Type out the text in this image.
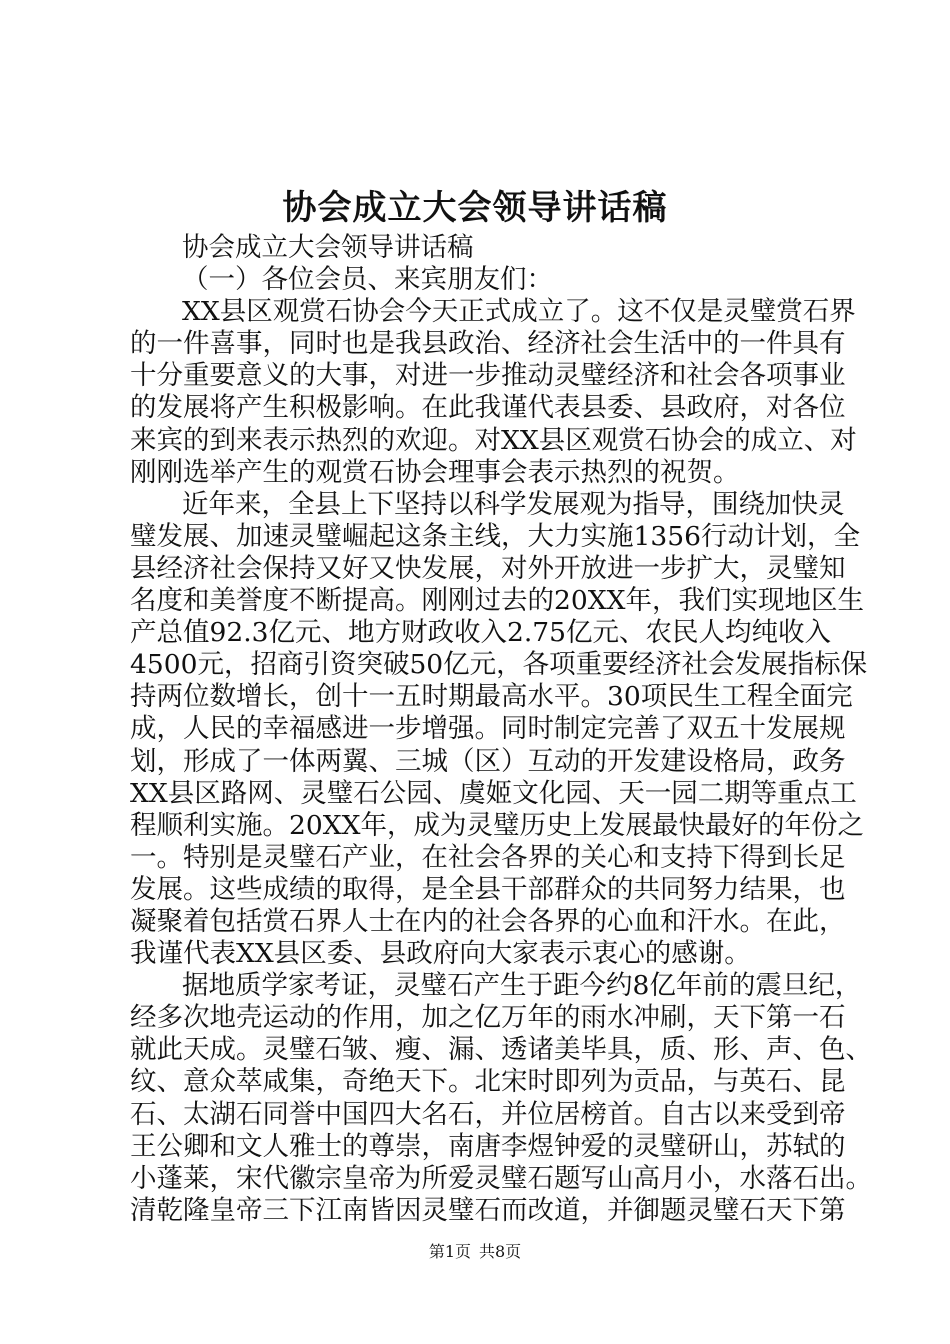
协会成立大会领导讲话稿
协会成立大会领导讲话稿
（一）各位会员、来宾朋友们：
XX县区观赏石协会今天正式成立了。这不仅是灵璧赏石界
的一件喜事，同时也是我县政治、经济社会生活中的一件具有
十分重要意义的大事，对进一步推动灵璧经济和社会各项事业
的发展将产生积极影响。在此我谨代表县委、县政府，对各位
来宾的到来表示热烈的欢迎。对XX县区观赏石协会的成立、对
刚刚选举产生的观赏石协会理事会表示热烈的祝贺。
近年来，全县上下坚持以科学发展观为指导，围绕加快灵
璧发展、加速灵璧崛起这条主线，大力实施1356行动计划，全
县经济社会保持又好又快发展，对外开放进一步扩大，灵璧知
名度和美誉度不断提高。刚刚过去的20XX年，我们实现地区生
产总值92.3亿元、地方财政收入2.75亿元、农民人均纯收入
4500元，招商引资突破50亿元，各项重要经济社会发展指标保
持两位数增长，创十一五时期最高水平。30项民生工程全面完
成，人民的幸福感进一步增强。同时制定完善了双五十发展规
划，形成了一体两翼、三城（区）互动的开发建设格局，政务
XX县区路网、灵璧石公园、虞姬文化园、天一园二期等重点工
程顺利实施。20XX年，成为灵璧历史上发展最快最好的年份之
一。特别是灵璧石产业，在社会各界的关心和支持下得到长足
发展。这些成绩的取得，是全县干部群众的共同努力结果，也
凝聚着包括赏石界人士在内的社会各界的心血和汗水。在此，
我谨代表XX县区委、县政府向大家表示衷心的感谢。
据地质学家考证，灵璧石产生于距今约8亿年前的震旦纪，
经多次地壳运动的作用，加之亿万年的雨水冲刷，天下第一石
就此天成。灵璧石皱、瘦、漏、透诸美毕具，质、形、声、色、
纹、意众萃咸集，奇绝天下。北宋时即列为贡品，与英石、昆
石、太湖石同誉中国四大名石，并位居榜首。自古以来受到帝
王公卿和文人雅士的尊崇，南唐李煜钟爱的灵璧研山，苏轼的
小蓬莱，宋代徽宗皇帝为所爱灵璧石题写山高月小，水落石出。
清乾隆皇帝三下江南皆因灵璧石而改道，并御题灵璧石天下第
第1页 共8页
